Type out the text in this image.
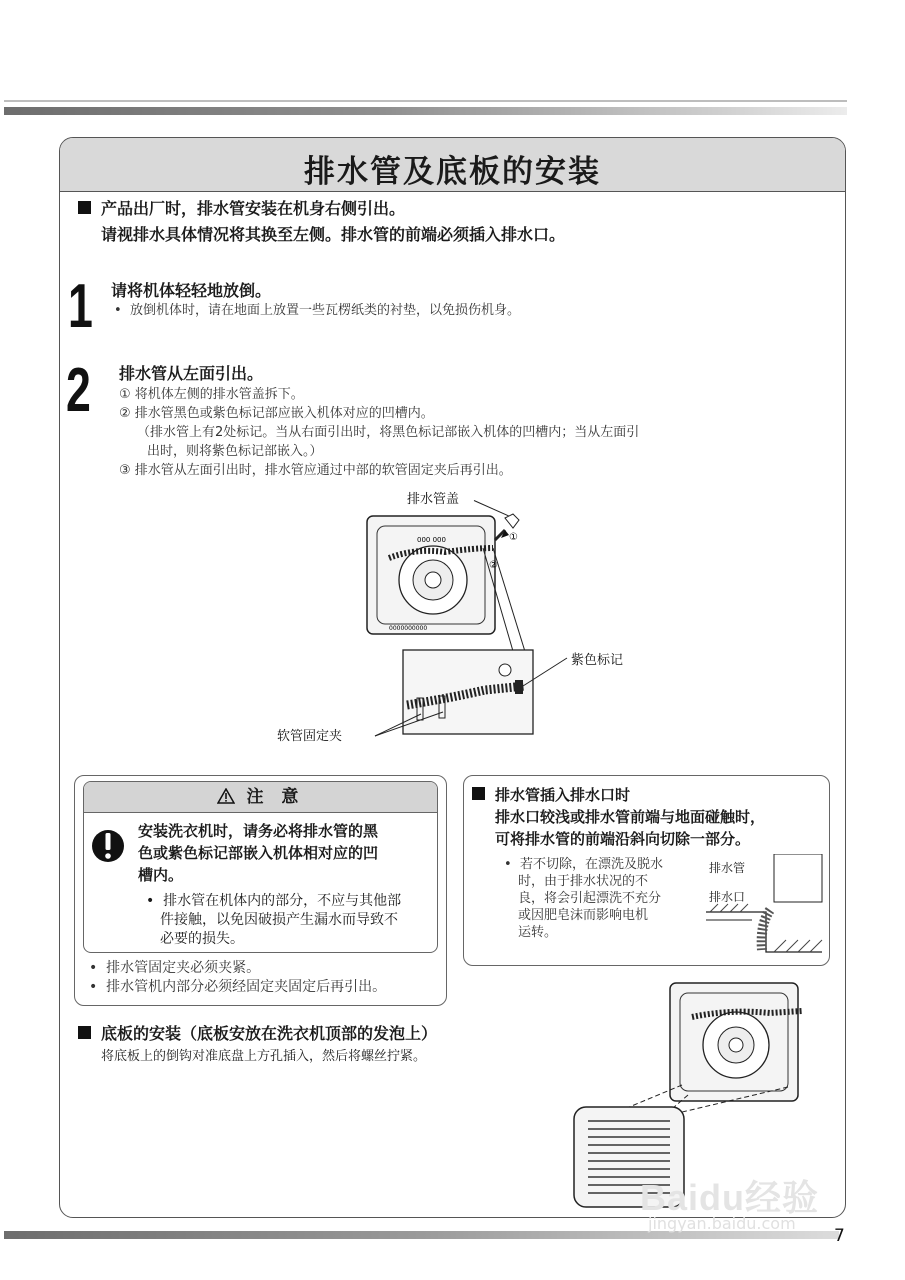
排水管及底板的安装
产品出厂时，排水管安装在机身右侧引出。
请视排水具体情况将其换至左侧。排水管的前端必须插入排水口。
1 请将机体轻轻地放倒。
•  放倒机体时，请在地面上放置一些瓦楞纸类的衬垫，以免损伤机身。
2 排水管从左面引出。
① 将机体左侧的排水管盖拆下。
② 排水管黑色或紫色标记部应嵌入机体对应的凹槽内。
（排水管上有2处标记。当从右面引出时，将黑色标记部嵌入机体的凹槽内；当从左面引
出时，则将紫色标记部嵌入。）
③ 排水管从左面引出时，排水管应通过中部的软管固定夹后再引出。
排水管盖
紫色标记
软管固定夹
000 000
0000000000
①
②
注 意
安装洗衣机时，请务必将排水管的黑
色或紫色标记部嵌入机体相对应的凹
槽内。
•  排水管在机体内的部分，不应与其他部
件接触，以免因破损产生漏水而导致不
必要的损失。
•  排水管固定夹必须夹紧。
•  排水管机内部分必须经固定夹固定后再引出。
排水管插入排水口时
排水口较浅或排水管前端与地面碰触时，
可将排水管的前端沿斜向切除一部分。
•  若不切除，在漂洗及脱水
时，由于排水状况的不
良，将会引起漂洗不充分
或因肥皂沫而影响电机
运转。
排水管
排水口
底板的安装（底板安放在洗衣机顶部的发泡上）
将底板上的倒钩对准底盘上方孔插入，然后将螺丝拧紧。
Baidu经验
jingyan.baidu.com
7
